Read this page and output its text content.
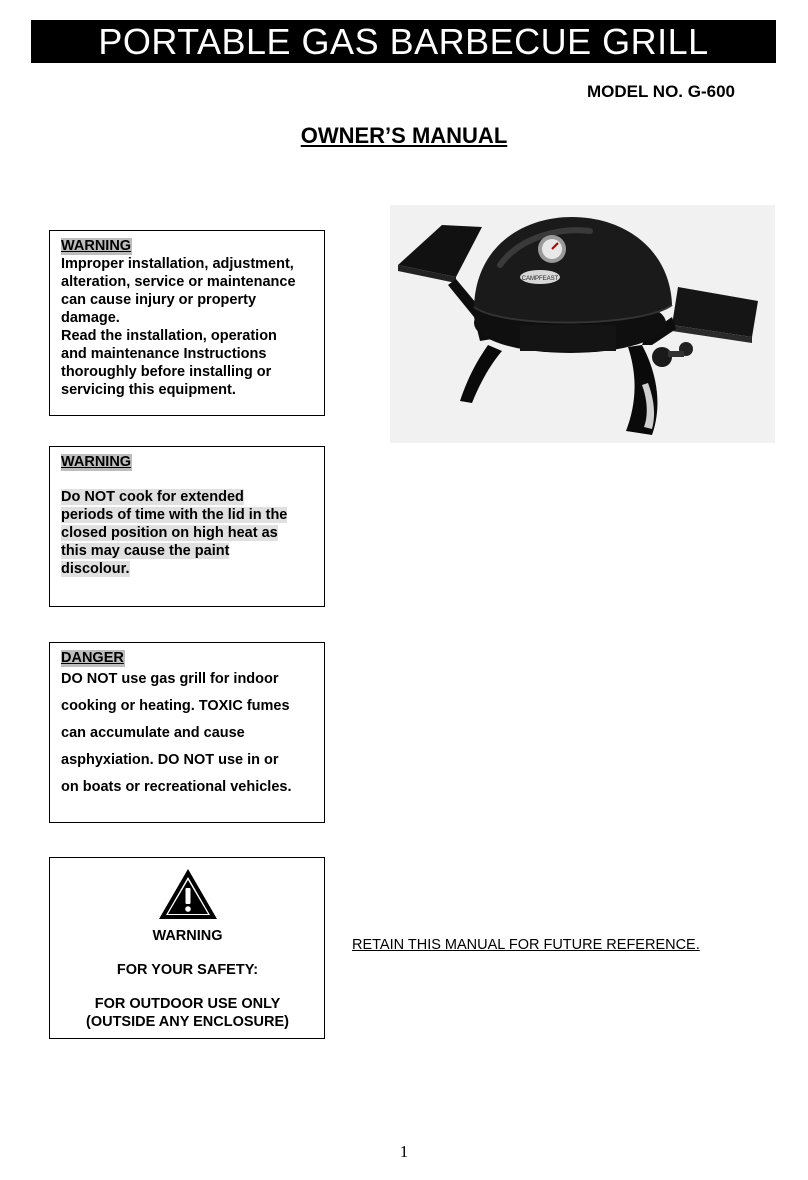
PORTABLE GAS BARBECUE GRILL
MODEL NO. G-600
OWNER’S MANUAL
WARNING
Improper installation, adjustment,
alteration, service or maintenance
can cause injury or property
damage.
Read the installation, operation
and maintenance Instructions
thoroughly before installing or
servicing this equipment.
WARNING
Do NOT cook for extended
periods of time with the lid in the
closed position on high heat as
this may cause the paint
discolour.
DANGER
DO NOT use gas grill for indoor
cooking or heating. TOXIC fumes
can accumulate and cause
asphyxiation. DO NOT use in or
on boats or recreational vehicles.
WARNING
FOR YOUR SAFETY:
FOR OUTDOOR USE ONLY
(OUTSIDE ANY ENCLOSURE)
CAMPFEAST
RETAIN THIS MANUAL FOR FUTURE REFERENCE.
1
